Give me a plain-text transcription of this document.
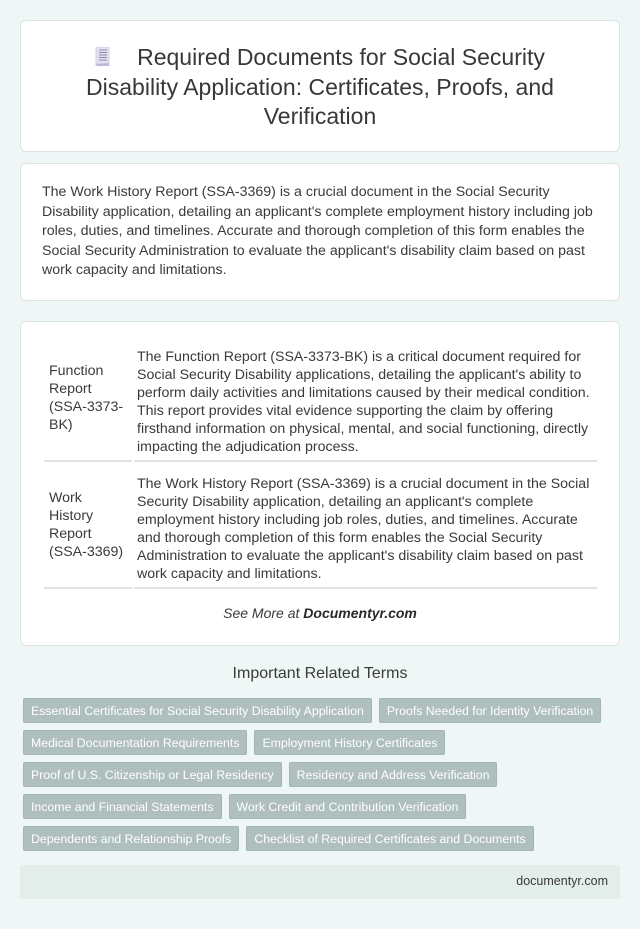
Required Documents for Social Security Disability Application: Certificates, Proofs, and Verification

The Work History Report (SSA-3369) is a crucial document in the Social Security Disability application, detailing an applicant's complete employment history including job roles, duties, and timelines. Accurate and thorough completion of this form enables the Social Security Administration to evaluate the applicant's disability claim based on past work capacity and limitations.

Function Report (SSA-3373-BK)	The Function Report (SSA-3373-BK) is a critical document required for Social Security Disability applications, detailing the applicant's ability to perform daily activities and limitations caused by their medical condition. This report provides vital evidence supporting the claim by offering firsthand information on physical, mental, and social functioning, directly impacting the adjudication process.
Work History Report (SSA-3369)	The Work History Report (SSA-3369) is a crucial document in the Social Security Disability application, detailing an applicant's complete employment history including job roles, duties, and timelines. Accurate and thorough completion of this form enables the Social Security Administration to evaluate the applicant's disability claim based on past work capacity and limitations.
See More at Documentyr.com
Important Related Terms
Essential Certificates for Social Security Disability Application	Proofs Needed for Identity Verification
Medical Documentation Requirements	Employment History Certificates
Proof of U.S. Citizenship or Legal Residency	Residency and Address Verification
Income and Financial Statements	Work Credit and Contribution Verification
Dependents and Relationship Proofs	Checklist of Required Certificates and Documents
documentyr.com
